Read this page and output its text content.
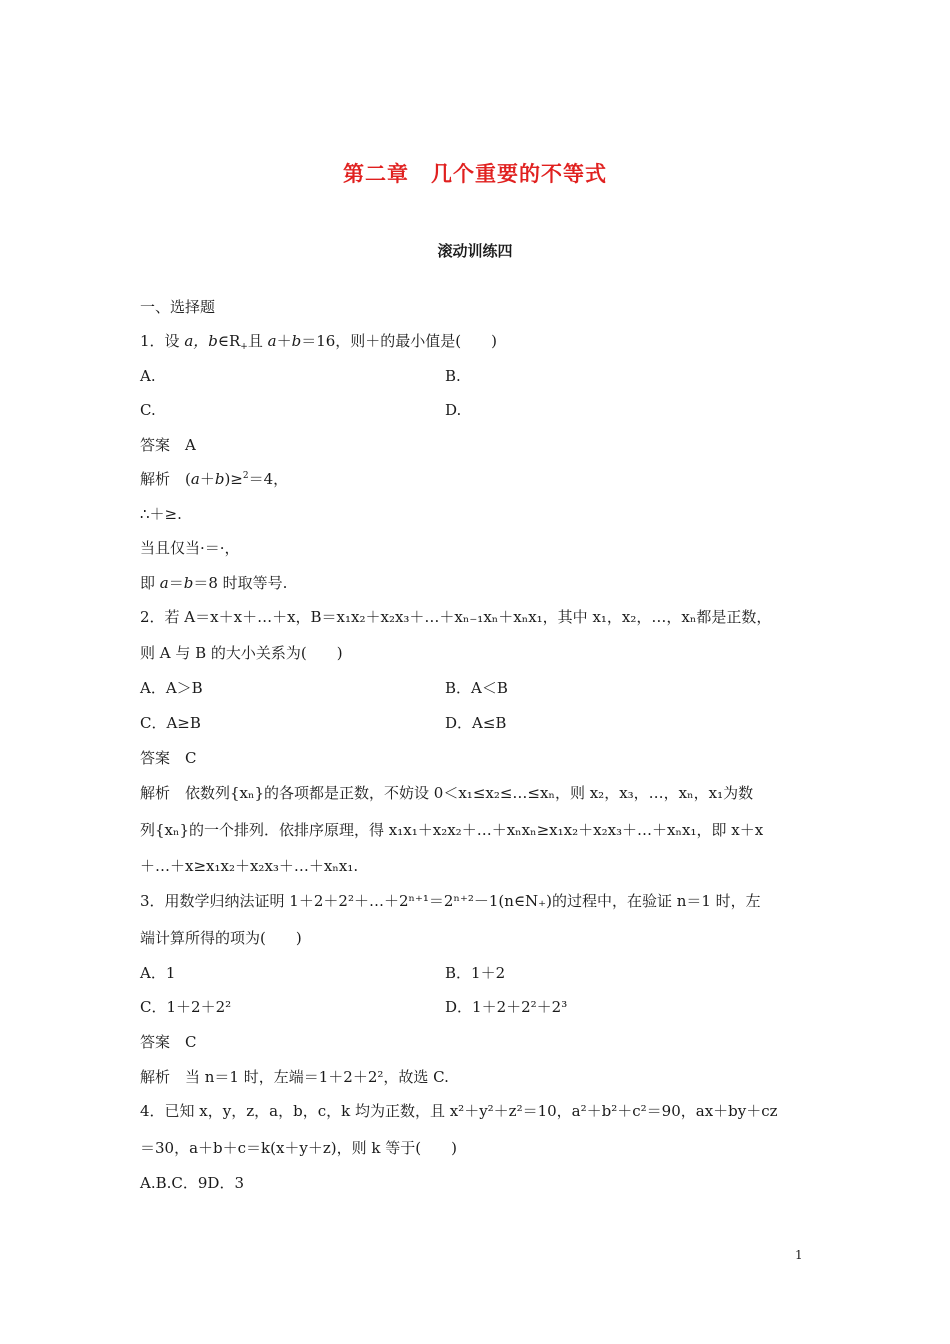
第二章　几个重要的不等式
滚动训练四
一、选择题
1．设 a，$b\in R_+$且 a＋b＝16，则＋的最小值是(　　)
A.	B.
C.	D.
答案　A
解析　(a＋b)≥$^2$＝4，
∴＋≥.
当且仅当·＝·，
即 a＝b＝8 时取等号.
2．若 A＝x＋x＋…＋x，B＝x₁x₂＋x₂x₃＋…＋xₙ₋₁xₙ＋xₙx₁，其中 x₁，x₂，…，xₙ都是正数，
则 A 与 B 的大小关系为(　　)
A．A＞B	B．A＜B
C．A≥B	D．A≤B
答案　C
解析　依数列{xₙ}的各项都是正数，不妨设 0＜x₁≤x₂≤…≤xₙ，则 x₂，x₃，…，xₙ，x₁为数
列{xₙ}的一个排列．依排序原理，得 x₁x₁＋x₂x₂＋…＋xₙxₙ≥x₁x₂＋x₂x₃＋…＋xₙx₁，即 x＋x
＋…＋x≥x₁x₂＋x₂x₃＋…＋xₙx₁.
3．用数学归纳法证明 1＋2＋2²＋…＋2ⁿ⁺¹＝2ⁿ⁺²－1(n∈N₊)的过程中，在验证 n＝1 时，左
端计算所得的项为(　　)
A．1	B．1＋2
C．1＋2＋2²	D．1＋2＋2²＋2³
答案　C
解析　当 n＝1 时，左端＝1＋2＋2²，故选 C.
4．已知 x，y，z，a，b，c，k 均为正数，且 x²＋y²＋z²＝10，a²＋b²＋c²＝90，ax＋by＋cz
＝30，a＋b＋c＝k(x＋y＋z)，则 k 等于(　　)
A.B.C．9D．3
1
